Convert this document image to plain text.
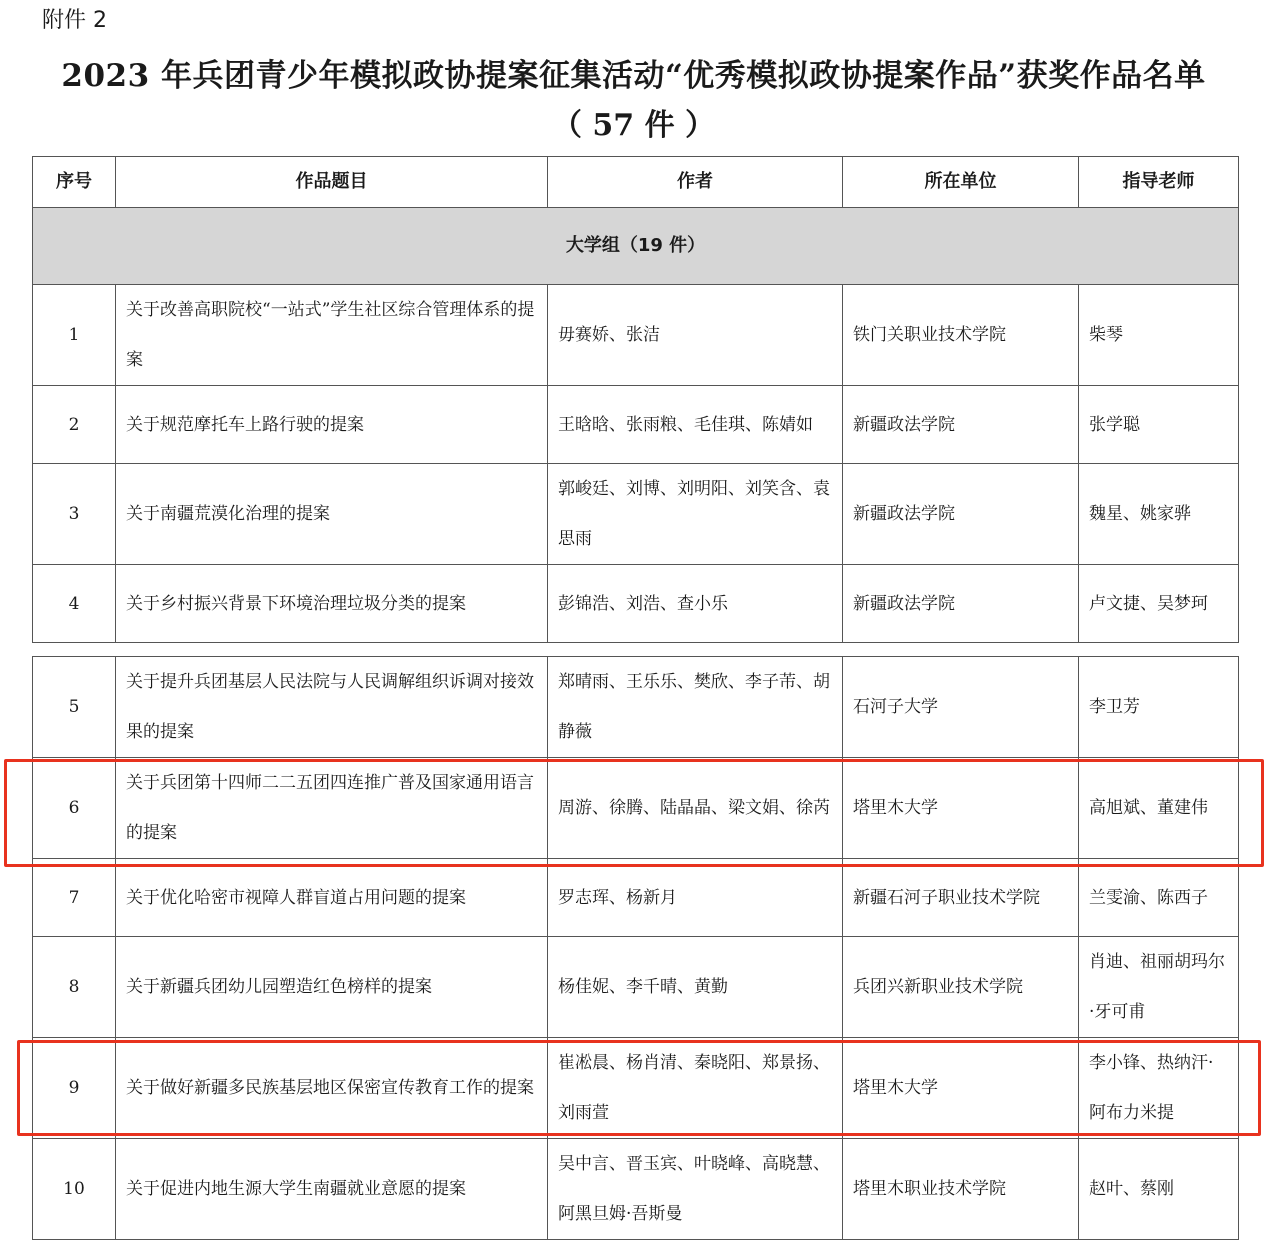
附件 2
2023 年兵团青少年模拟政协提案征集活动“优秀模拟政协提案作品”获奖作品名单
（ 57 件 ）
序号	作品题目	作者	所在单位	指导老师
大学组（19 件）				
1	关于改善高职院校“一站式”学生社区综合管理体系的提案	毋赛娇、张洁	铁门关职业技术学院	柴琴
2	关于规范摩托车上路行驶的提案	王晗晗、张雨粮、毛佳琪、陈婧如	新疆政法学院	张学聪
3	关于南疆荒漠化治理的提案	郭峻廷、刘博、刘明阳、刘笑含、袁思雨	新疆政法学院	魏星、姚家骅
4	关于乡村振兴背景下环境治理垃圾分类的提案	彭锦浩、刘浩、查小乐	新疆政法学院	卢文捷、吴梦珂
5	关于提升兵团基层人民法院与人民调解组织诉调对接效果的提案	郑晴雨、王乐乐、樊欣、李子芾、胡静薇	石河子大学	李卫芳
6	关于兵团第十四师二二五团四连推广普及国家通用语言的提案	周游、徐腾、陆晶晶、梁文娟、徐芮	塔里木大学	高旭斌、董建伟
7	关于优化哈密市视障人群盲道占用问题的提案	罗志珲、杨新月	新疆石河子职业技术学院	兰雯渝、陈西子
8	关于新疆兵团幼儿园塑造红色榜样的提案	杨佳妮、李千晴、黄勤	兵团兴新职业技术学院	肖迪、祖丽胡玛尔·牙可甫
9	关于做好新疆多民族基层地区保密宣传教育工作的提案	崔凇晨、杨肖清、秦晓阳、郑景扬、刘雨萱	塔里木大学	李小锋、热纳汗·阿布力米提
10	关于促进内地生源大学生南疆就业意愿的提案	吴中言、晋玉宾、叶晓峰、高晓慧、阿黑旦姆·吾斯曼	塔里木职业技术学院	赵叶、蔡刚
